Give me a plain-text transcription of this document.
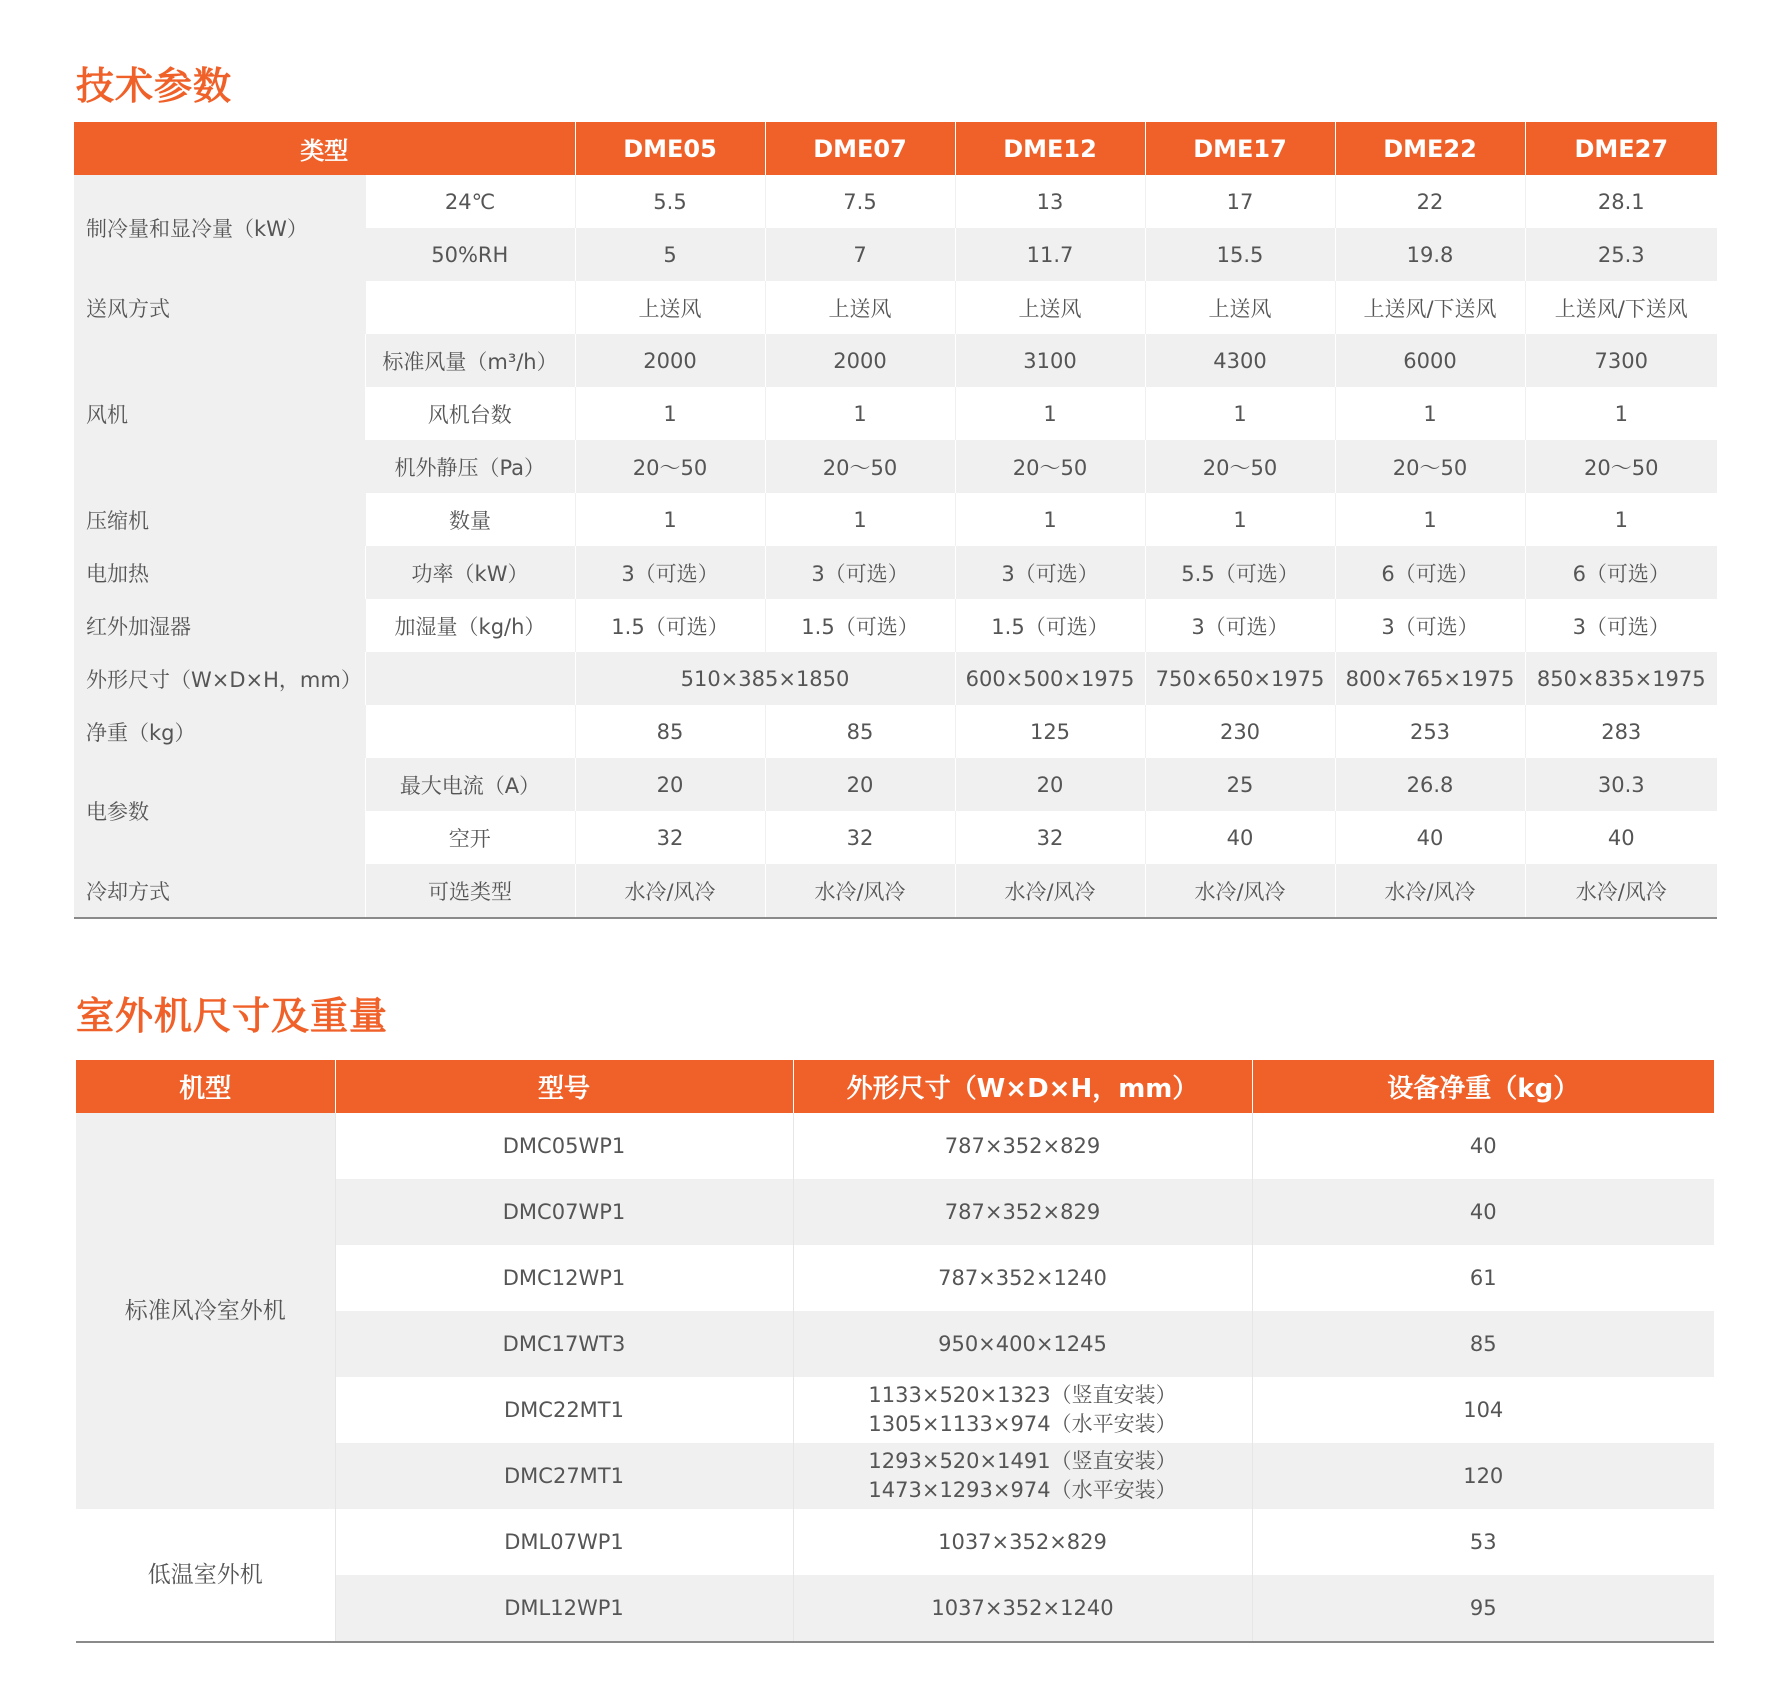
技术参数
类型		DME05	DME07	DME12	DME17	DME22	DME27
制冷量和显冷量（kW）	24℃	5.5	7.5	13	17	22	28.1
	50%RH	5	7	11.7	15.5	19.8	25.3
送风方式		上送风	上送风	上送风	上送风	上送风/下送风	上送风/下送风
风机	标准风量（m³/h）	2000	2000	3100	4300	6000	7300
	风机台数	1	1	1	1	1	1
	机外静压（Pa）	20～50	20～50	20～50	20～50	20～50	20～50
压缩机	数量	1	1	1	1	1	1
电加热	功率（kW）	3（可选）	3（可选）	3（可选）	5.5（可选）	6（可选）	6（可选）
红外加湿器	加湿量（kg/h）	1.5（可选）	1.5（可选）	1.5（可选）	3（可选）	3（可选）	3（可选）
外形尺寸（W×D×H，mm）		510×385×1850		600×500×1975	750×650×1975	800×765×1975	850×835×1975
净重（kg）		85	85	125	230	253	283
电参数	最大电流（A）	20	20	20	25	26.8	30.3
	空开	32	32	32	40	40	40
冷却方式	可选类型	水冷/风冷	水冷/风冷	水冷/风冷	水冷/风冷	水冷/风冷	水冷/风冷
室外机尺寸及重量
机型	型号	外形尺寸（W×D×H，mm）	设备净重（kg）
标准风冷室外机	DMC05WP1	787×352×829	40
	DMC07WP1	787×352×829	40
	DMC12WP1	787×352×1240	61
	DMC17WT3	950×400×1245	85
	DMC22MT1	1133×520×1323（竖直安装）
1305×1133×974（水平安装）	104
	DMC27MT1	1293×520×1491（竖直安装）
1473×1293×974（水平安装）	120
低温室外机	DML07WP1	1037×352×829	53
	DML12WP1	1037×352×1240	95
